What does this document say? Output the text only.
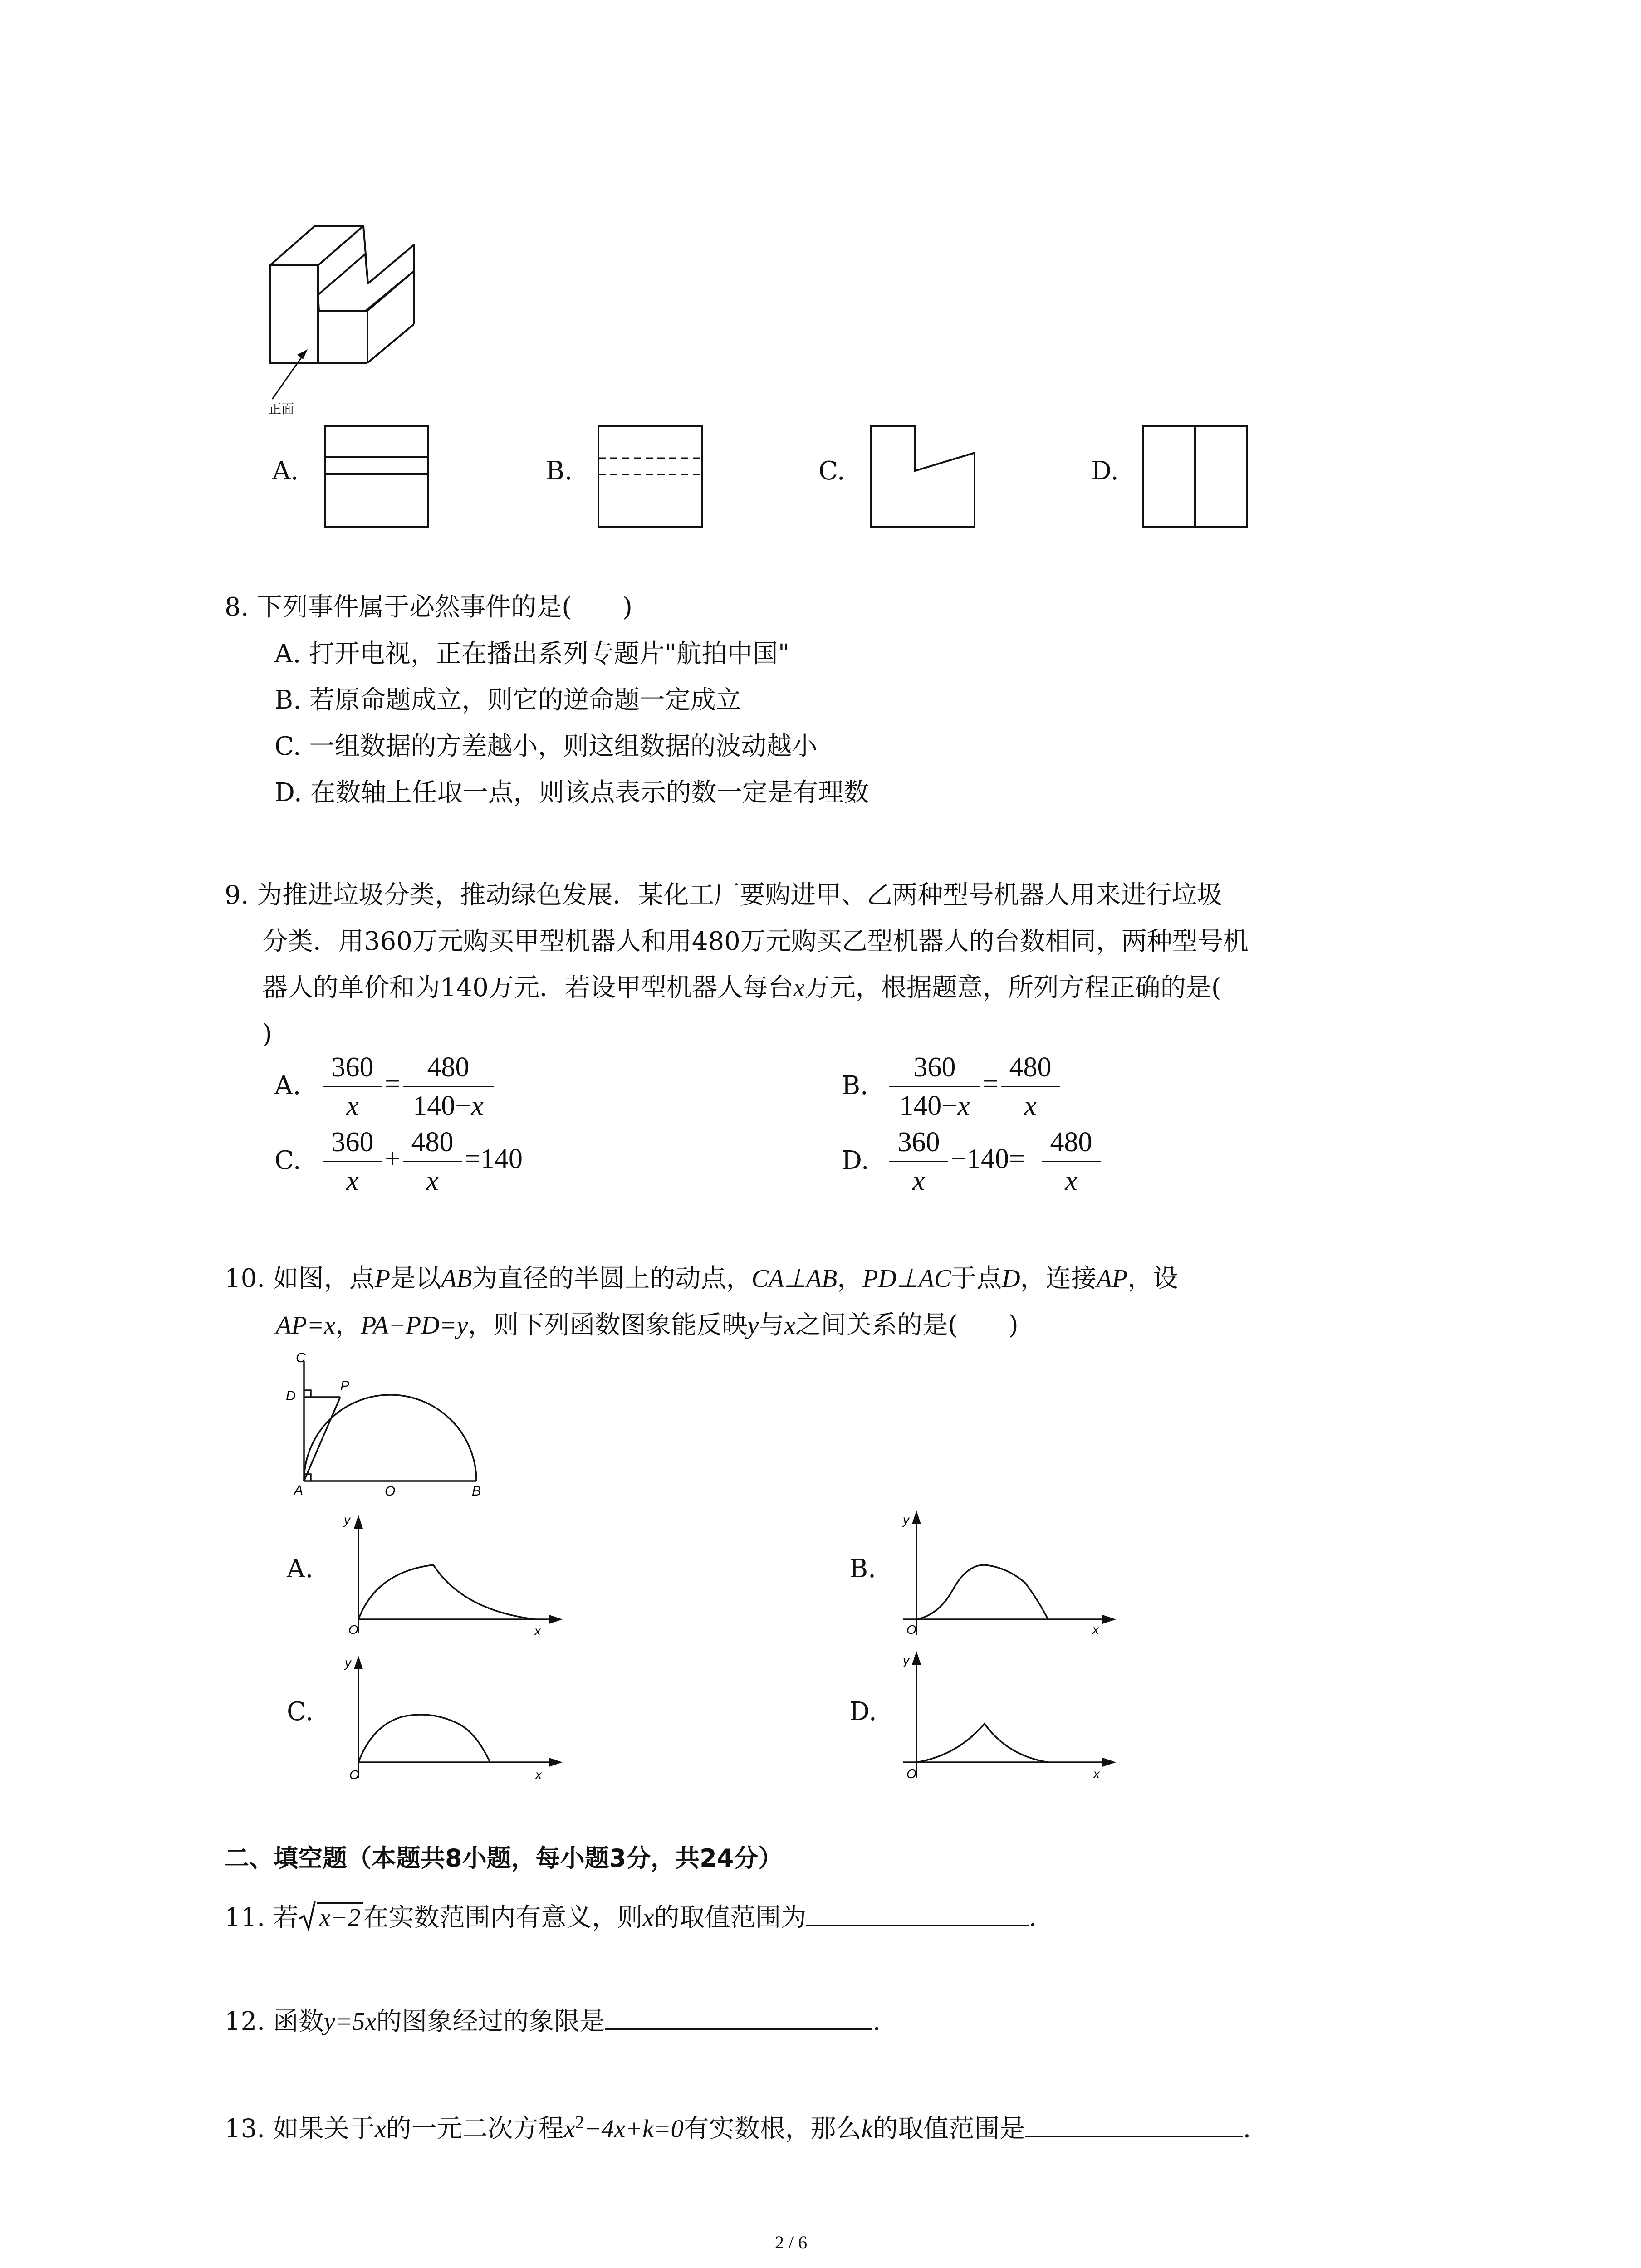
正面
A.	B.	C.	D.
8. 下列事件属于必然事件的是(　　)
A. 打开电视，正在播出系列专题片"航拍中国"
B. 若原命题成立，则它的逆命题一定成立
C. 一组数据的方差越小，则这组数据的波动越小
D. 在数轴上任取一点，则该点表示的数一定是有理数
9. 为推进垃圾分类，推动绿色发展．某化工厂要购进甲、乙两种型号机器人用来进行垃圾
分类．用360万元购买甲型机器人和用480万元购买乙型机器人的台数相同，两种型号机
器人的单价和为140万元．若设甲型机器人每台x万元，根据题意，所列方程正确的是(
)
A. $\frac{360}{x} = \frac{480}{140-x}$	B. $\frac{360}{140-x} = \frac{480}{x}$
C. $\frac{360}{x} + \frac{480}{x} =140$	D. $\frac{360}{x} -140= \frac{480}{x}$
10. 如图，点P是以AB为直径的半圆上的动点，CA⊥AB，PD⊥AC于点D，连接AP，设
AP=x，PA−PD=y，则下列函数图象能反映y与x之间关系的是(　　)
C
D
P
A	O	B
A.	B.
C.	D.
y
x
O
y
x
O
y
x
O
y
x
O
二、填空题（本题共8小题，每小题3分，共24分）
11. 若 x−2 在实数范围内有意义，则x的取值范围为	.
12. 函数y=5x的图象经过的象限是	.
13. 如果关于x的一元二次方程$x^2-4x+k=0$有实数根，那么k的取值范围是	.
2 / 6
